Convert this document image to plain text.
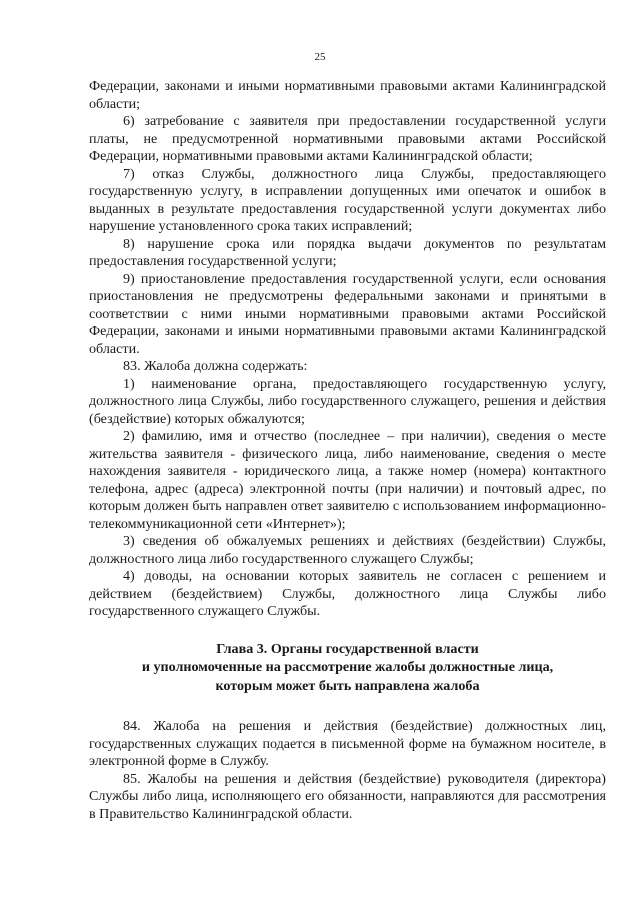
25

Федерации, законами и иными нормативными правовыми актами Калининградской области;

6) затребование с заявителя при предоставлении государственной услуги платы, не предусмотренной нормативными правовыми актами Российской Федерации, нормативными правовыми актами Калининградской области;

7) отказ Службы, должностного лица Службы, предоставляющего государственную услугу, в исправлении допущенных ими опечаток и ошибок в выданных в результате предоставления государственной услуги документах либо нарушение установленного срока таких исправлений;

8) нарушение срока или порядка выдачи документов по результатам предоставления государственной услуги;

9) приостановление предоставления государственной услуги, если основания приостановления не предусмотрены федеральными законами и принятыми в соответствии с ними иными нормативными правовыми актами Российской Федерации, законами и иными нормативными правовыми актами Калининградской области.

83. Жалоба должна содержать:

1) наименование органа, предоставляющего государственную услугу, должностного лица Службы, либо государственного служащего, решения и действия (бездействие) которых обжалуются;

2) фамилию, имя и отчество (последнее – при наличии), сведения о месте жительства заявителя - физического лица, либо наименование, сведения о месте нахождения заявителя - юридического лица, а также номер (номера) контактного телефона, адрес (адреса) электронной почты (при наличии) и почтовый адрес, по которым должен быть направлен ответ заявителю с использованием информационно-телекоммуникационной сети «Интернет»);

3) сведения об обжалуемых решениях и действиях (бездействии) Службы, должностного лица либо государственного служащего Службы;

4) доводы, на основании которых заявитель не согласен с решением и действием (бездействием) Службы, должностного лица Службы либо государственного служащего Службы.

Глава 3. Органы государственной власти
и уполномоченные на рассмотрение жалобы должностные лица,
которым может быть направлена жалоба

84. Жалоба на решения и действия (бездействие) должностных лиц, государственных служащих подается в письменной форме на бумажном носителе, в электронной форме в Службу.

85. Жалобы на решения и действия (бездействие) руководителя (директора) Службы либо лица, исполняющего его обязанности, направляются для рассмотрения в Правительство Калининградской области.
